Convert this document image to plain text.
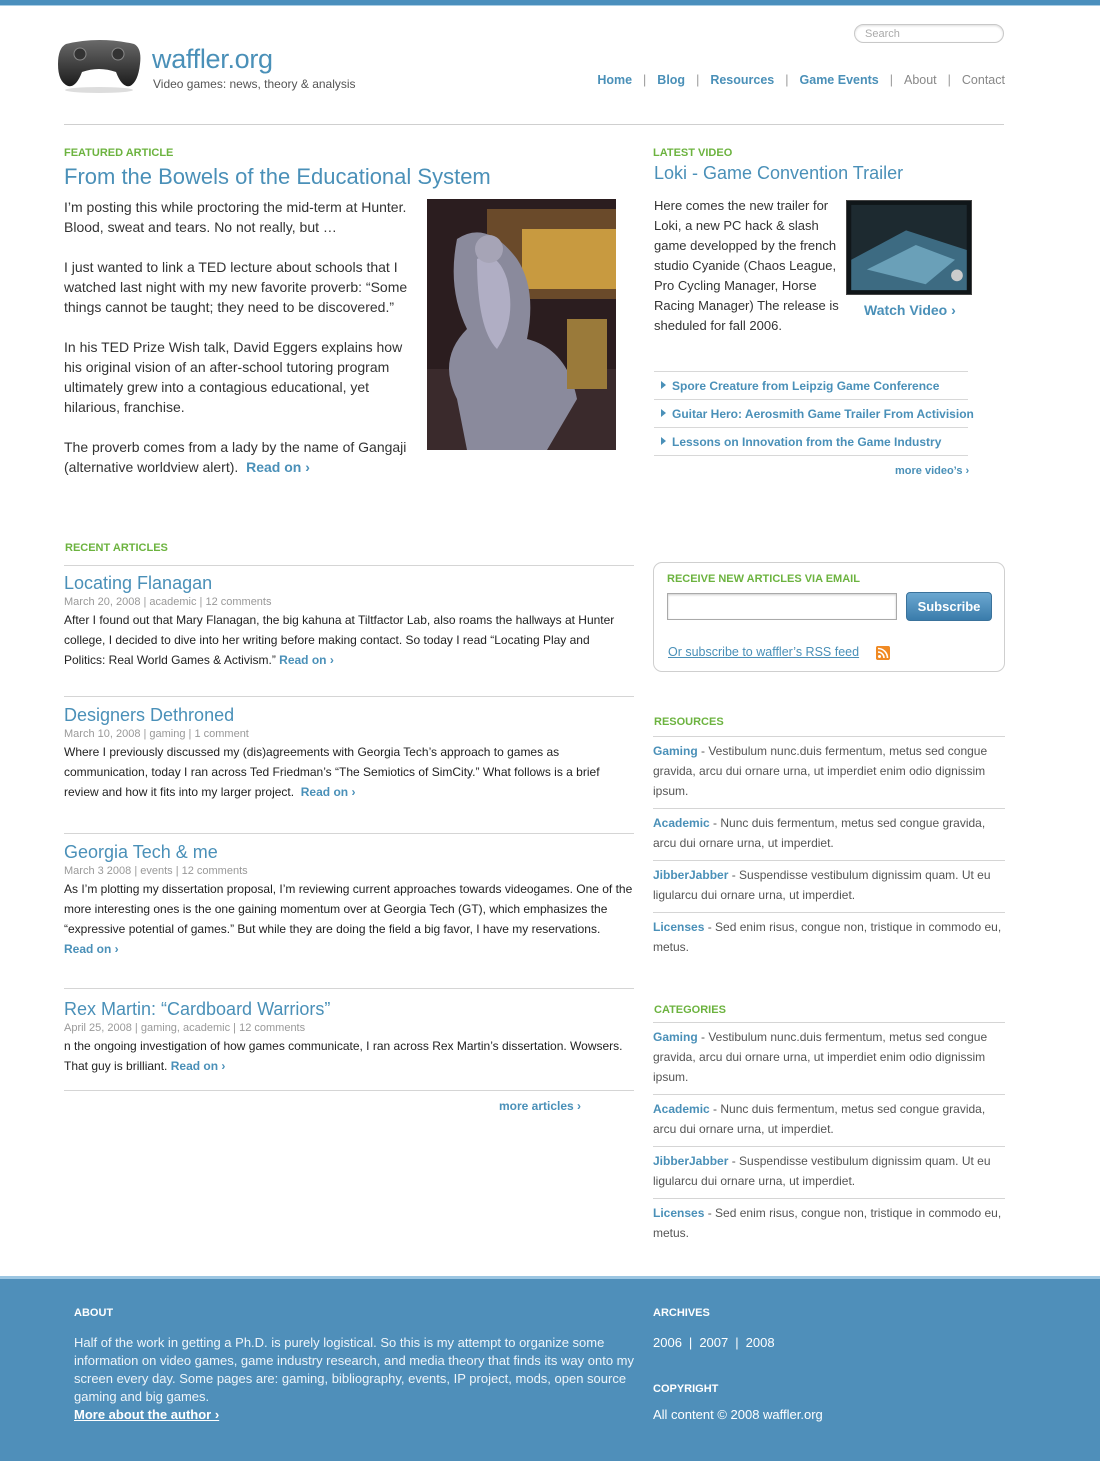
waffler.org
Video games: news, theory & analysis
Search	Home | Blog | Resources | Game Events | About | Contact
FEATURED ARTICLE
From the Bowels of the Educational System

I’m posting this while proctoring the mid-term at Hunter. Blood, sweat and tears. No not really, but …

I just wanted to link a TED lecture about schools that I watched last night with my new favorite proverb: “Some things cannot be taught; they need to be discovered.”

In his TED Prize Wish talk, David Eggers explains how his original vision of an after-school tutoring program ultimately grew into a contagious educational, yet hilarious, franchise.

The proverb comes from a lady by the name of Gangaji (alternative worldview alert). Read on ›

LATEST VIDEO
Loki - Game Convention Trailer
Here comes the new trailer for Loki, a new PC hack & slash game developped by the french studio Cyanide (Chaos League, Pro Cycling Manager, Horse Racing Manager) The release is sheduled for fall 2006.
Watch Video ›
Spore Creature from Leipzig Game Conference
Guitar Hero: Aerosmith Game Trailer From Activision
Lessons on Innovation from the Game Industry
more video’s ›
RECENT ARTICLES
Locating Flanagan
March 20, 2008 | academic | 12 comments
After I found out that Mary Flanagan, the big kahuna at Tiltfactor Lab, also roams the hallways at Hunter college, I decided to dive into her writing before making contact. So today I read “Locating Play and Politics: Real World Games & Activism.” Read on ›
Designers Dethroned
March 10, 2008 | gaming | 1 comment
Where I previously discussed my (dis)agreements with Georgia Tech’s approach to games as communication, today I ran across Ted Friedman’s “The Semiotics of SimCity.” What follows is a brief review and how it fits into my larger project. Read on ›
Georgia Tech & me
March 3 2008 | events | 12 comments
As I’m plotting my dissertation proposal, I’m reviewing current approaches towards videogames. One of the more interesting ones is the one gaining momentum over at Georgia Tech (GT), which emphasizes the “expressive potential of games.” But while they are doing the field a big favor, I have my reservations.
Read on ›
Rex Martin: “Cardboard Warriors”
April 25, 2008 | gaming, academic | 12 comments
n the ongoing investigation of how games communicate, I ran across Rex Martin’s dissertation. Wowsers. That guy is brilliant. Read on ›
more articles ›
RECEIVE NEW ARTICLES VIA EMAIL
Subscribe
Or subscribe to waffler’s RSS feed
RESOURCES
Gaming - Vestibulum nunc.duis fermentum, metus sed congue gravida, arcu dui ornare urna, ut imperdiet enim odio dignissim ipsum.
Academic - Nunc duis fermentum, metus sed congue gravida, arcu dui ornare urna, ut imperdiet.
JibberJabber - Suspendisse vestibulum dignissim quam. Ut eu ligularcu dui ornare urna, ut imperdiet.
Licenses - Sed enim risus, congue non, tristique in commodo eu, metus.
CATEGORIES
Gaming - Vestibulum nunc.duis fermentum, metus sed congue gravida, arcu dui ornare urna, ut imperdiet enim odio dignissim ipsum.
Academic - Nunc duis fermentum, metus sed congue gravida, arcu dui ornare urna, ut imperdiet.
JibberJabber - Suspendisse vestibulum dignissim quam. Ut eu ligularcu dui ornare urna, ut imperdiet.
Licenses - Sed enim risus, congue non, tristique in commodo eu, metus.
ABOUT
Half of the work in getting a Ph.D. is purely logistical. So this is my attempt to organize some information on video games, game industry research, and media theory that finds its way onto my screen every day. Some pages are: gaming, bibliography, events, IP project, mods, open source gaming and big games.
More about the author ›
ARCHIVES
2006 | 2007 | 2008
COPYRIGHT
All content © 2008 waffler.org
